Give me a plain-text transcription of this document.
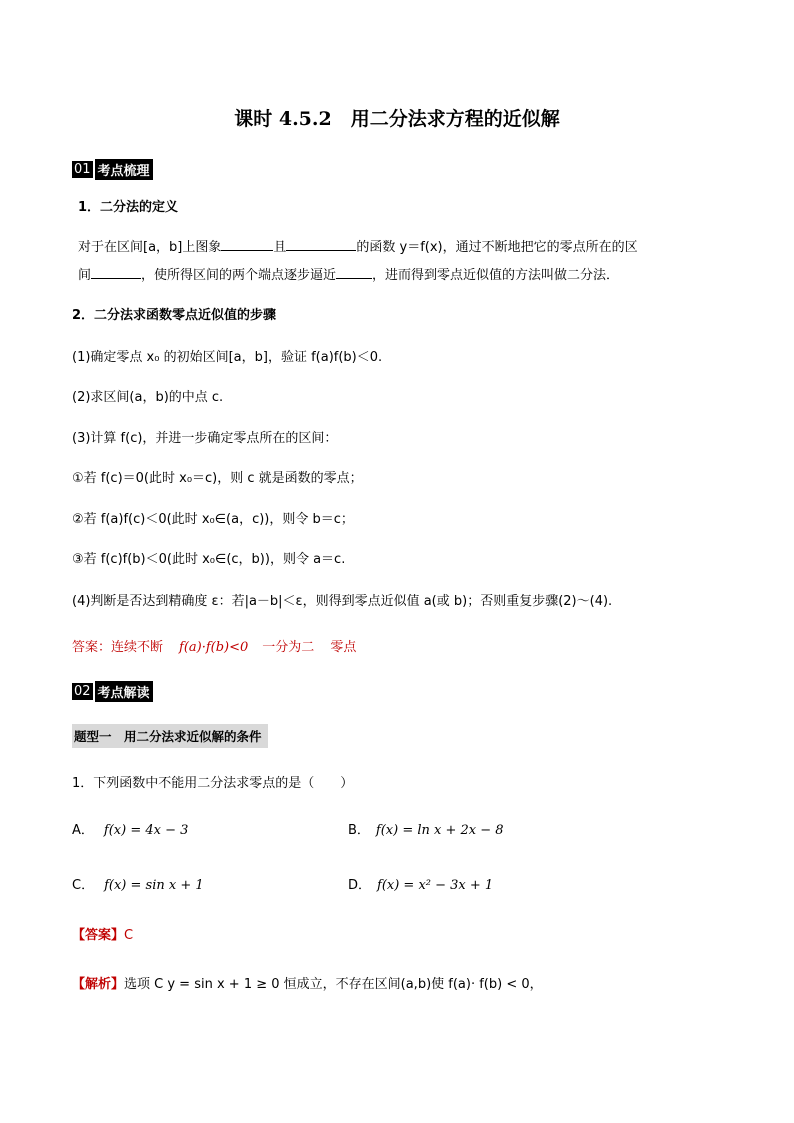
课时 4.5.2　用二分法求方程的近似解
01 考点梳理
1．二分法的定义
对于在区间[a，b]上图象	且	的函数 y＝f(x)，通过不断地把它的零点所在的区
间	，使所得区间的两个端点逐步逼近	，进而得到零点近似值的方法叫做二分法．
2．二分法求函数零点近似值的步骤
(1)确定零点 x₀ 的初始区间[a，b]，验证 f(a)f(b)＜0.
(2)求区间(a，b)的中点 c.
(3)计算 f(c)，并进一步确定零点所在的区间：
①若 f(c)＝0(此时 x₀＝c)，则 c 就是函数的零点；
②若 f(a)f(c)＜0(此时 x₀∈(a，c))，则令 b＝c；
③若 f(c)f(b)＜0(此时 x₀∈(c，b))，则令 a＝c.
(4)判断是否达到精确度 ε：若|a－b|＜ε，则得到零点近似值 a(或 b)；否则重复步骤(2)～(4).
答案：连续不断 f(a)·f(b)<0 一分为二 零点
02 考点解读
题型一　用二分法求近似解的条件
1．下列函数中不能用二分法求零点的是（　　）
A． f(x) = 4x − 3	B． f(x) = ln x + 2x − 8
C． f(x) = sin x + 1	D． f(x) = x² − 3x + 1
【答案】C
【解析】选项 C y = sin x + 1 ≥ 0 恒成立，不存在区间(a,b)使 f(a)· f(b) < 0，
